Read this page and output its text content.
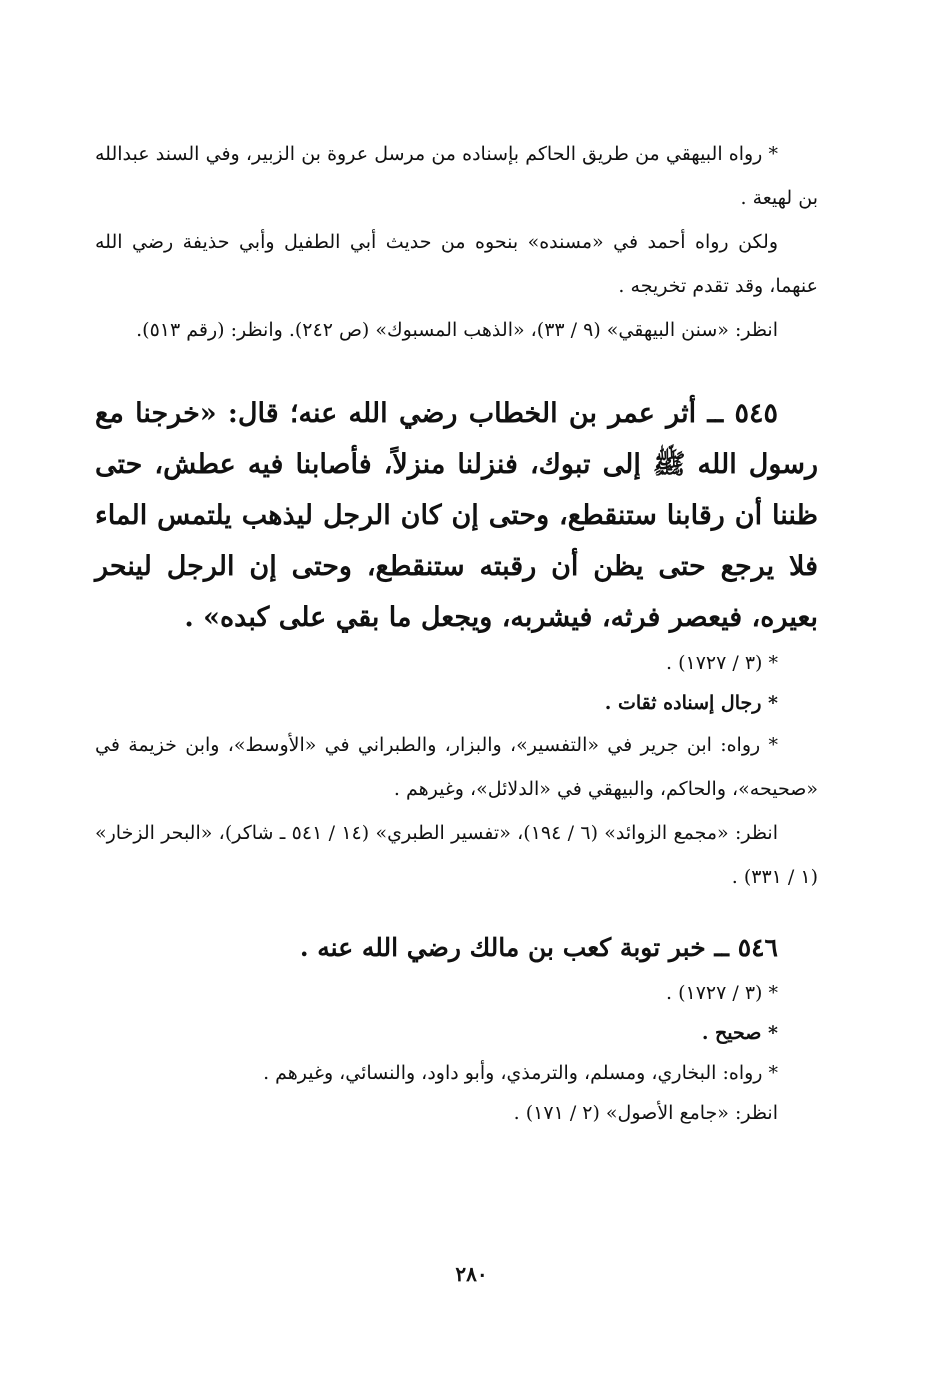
* رواه البيهقي من طريق الحاكم بإسناده من مرسل عروة بن الزبير، وفي السند عبدالله بن لهيعة .

ولكن رواه أحمد في «مسنده» بنحوه من حديث أبي الطفيل وأبي حذيفة رضي الله عنهما، وقد تقدم تخريجه .

انظر: «سنن البيهقي» (٩ / ٣٣)، «الذهب المسبوك» (ص ٢٤٢). وانظر: (رقم ٥١٣).

٥٤٥ ــ أثر عمر بن الخطاب رضي الله عنه؛ قال: «خرجنا مع رسول الله ﷺ إلى تبوك، فنزلنا منزلاً، فأصابنا فيه عطش، حتى ظننا أن رقابنا ستنقطع، وحتى إن كان الرجل ليذهب يلتمس الماء فلا يرجع حتى يظن أن رقبته ستنقطع، وحتى إن الرجل لينحر بعيره، فيعصر فرثه، فيشربه، ويجعل ما بقي على كبده» .

* (٣ / ١٧٢٧) .

* رجال إسناده ثقات .

* رواه: ابن جرير في «التفسير»، والبزار، والطبراني في «الأوسط»، وابن خزيمة في «صحيحه»، والحاكم، والبيهقي في «الدلائل»، وغيرهم .

انظر: «مجمع الزوائد» (٦ / ١٩٤)، «تفسير الطبري» (١٤ / ٥٤١ ـ شاكر)، «البحر الزخار» (١ / ٣٣١) .

٥٤٦ ــ خبر توبة كعب بن مالك رضي الله عنه .

* (٣ / ١٧٢٧) .

* صحيح .

* رواه: البخاري، ومسلم، والترمذي، وأبو داود، والنسائي، وغيرهم .

انظر: «جامع الأصول» (٢ / ١٧١) .

٢٨٠
